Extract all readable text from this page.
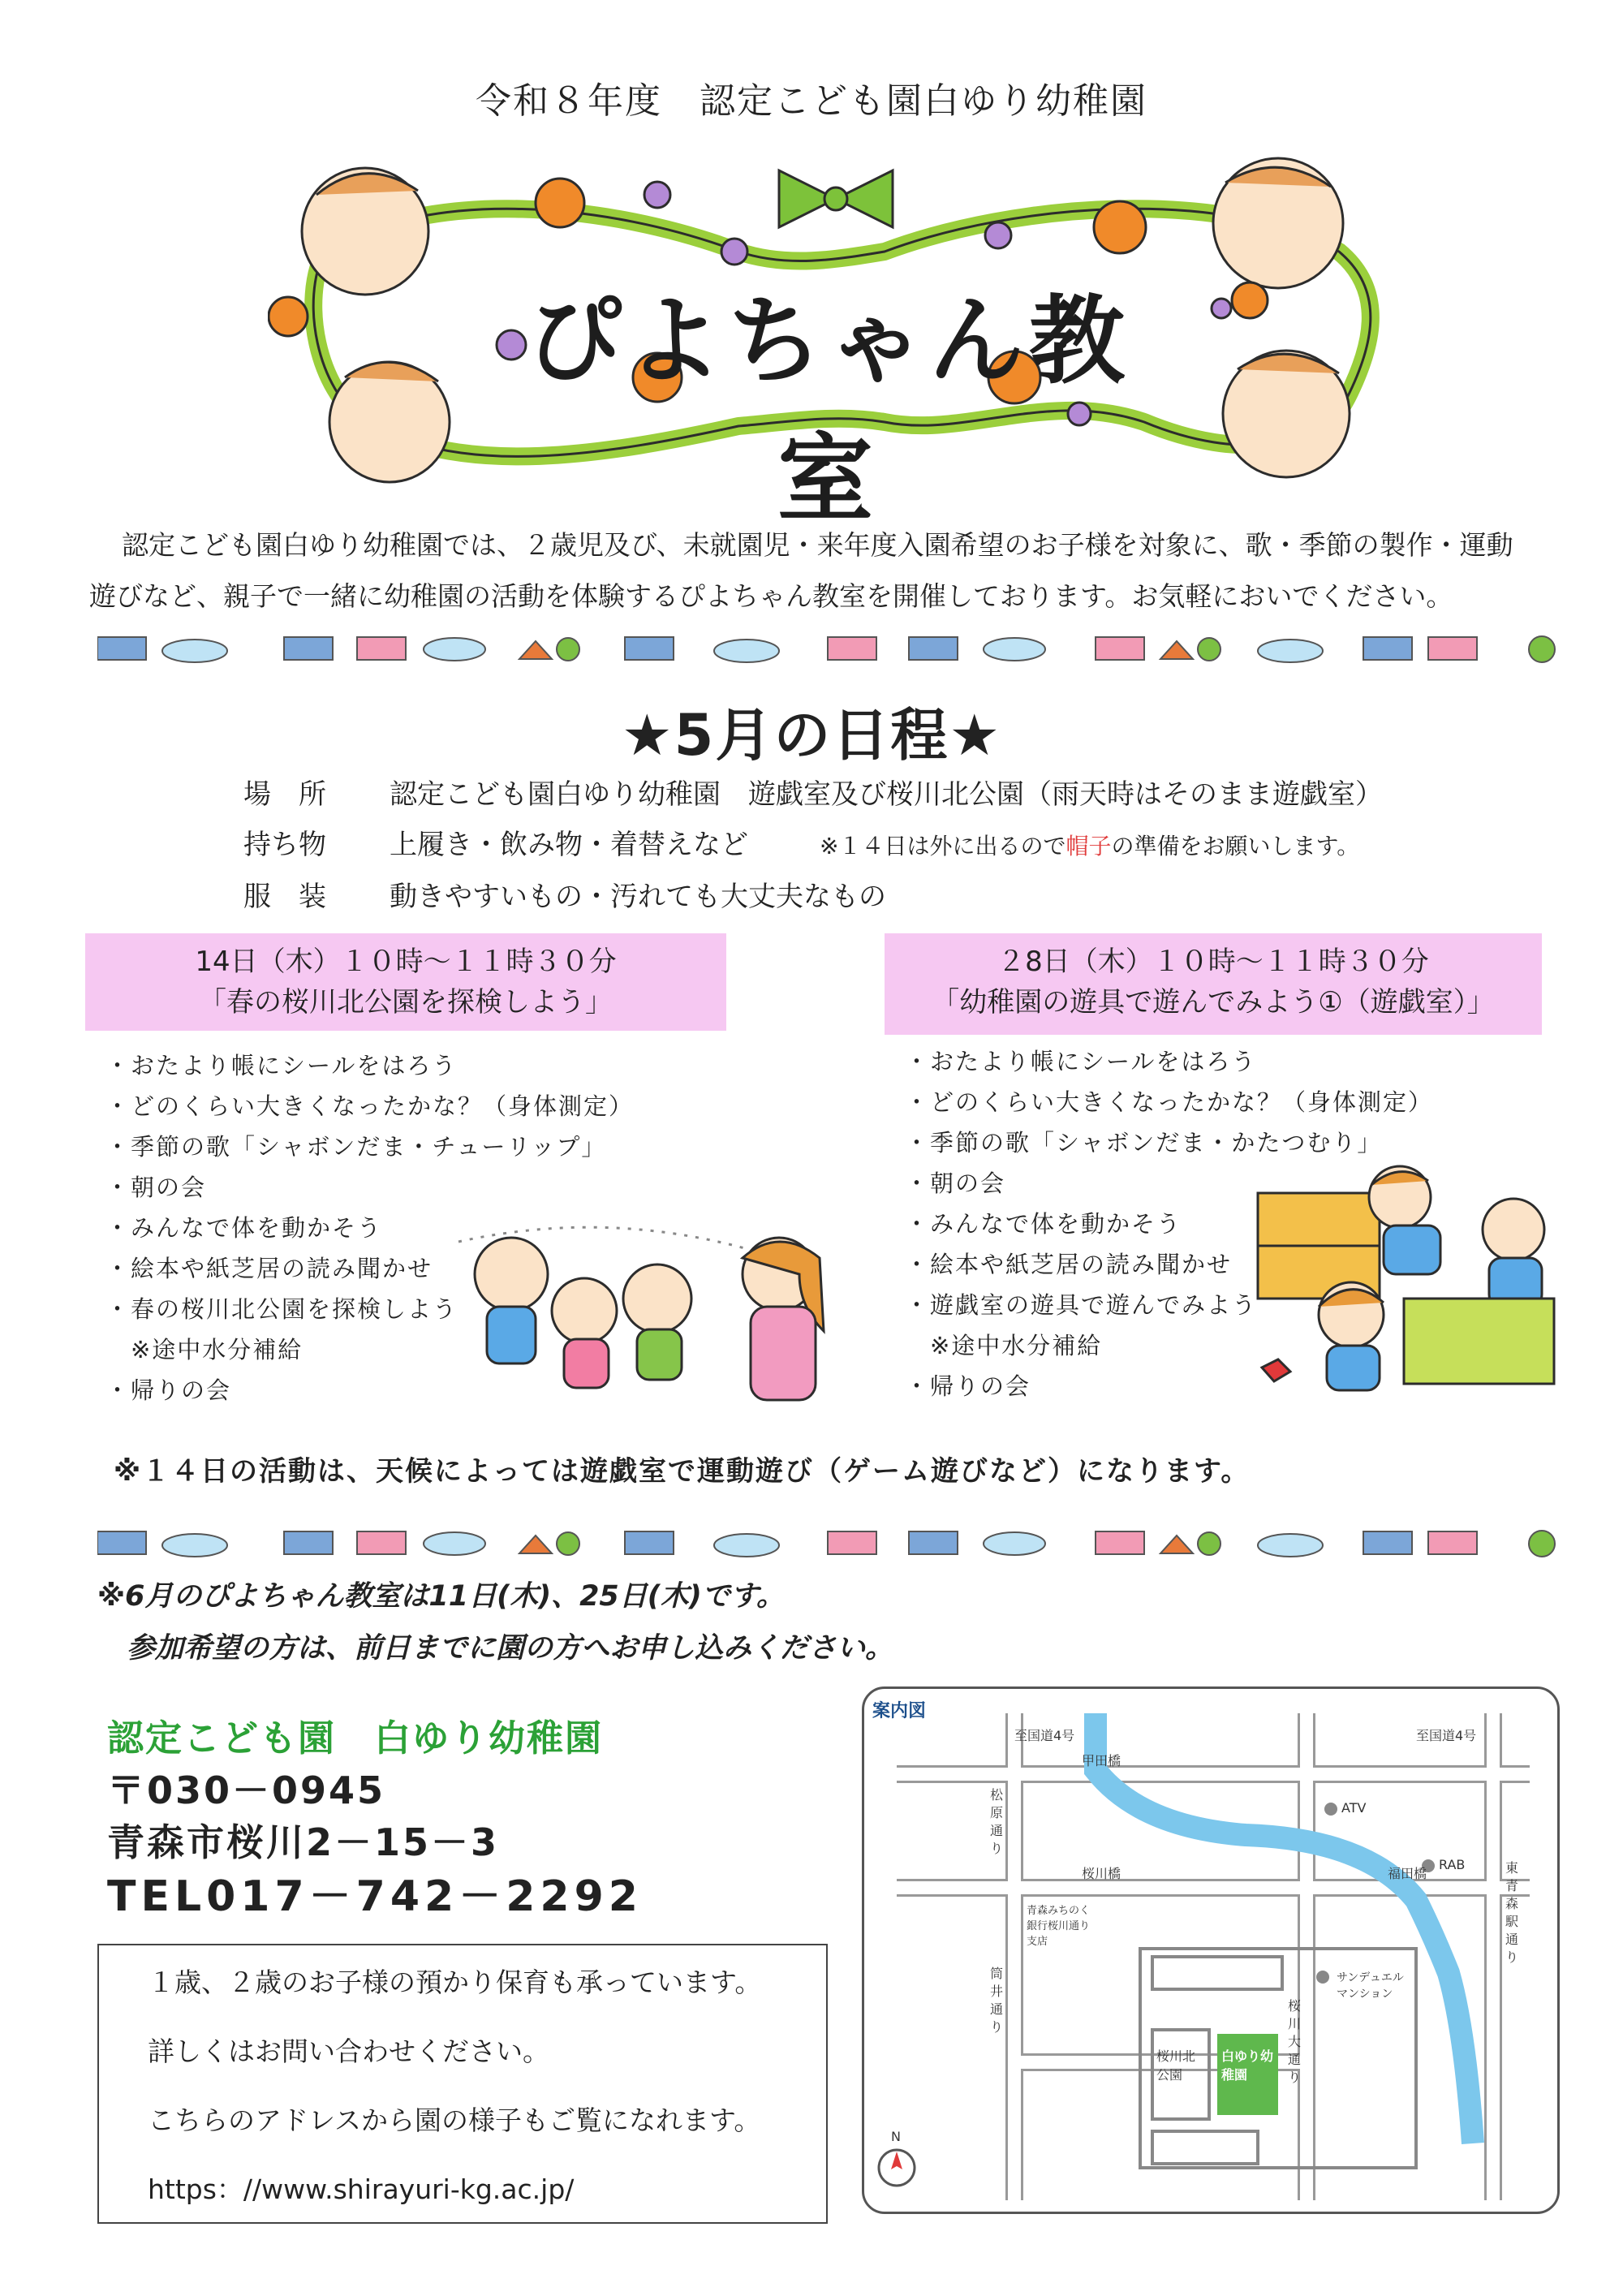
令和８年度　認定こども園白ゆり幼稚園
ぴよちゃん教室

認定こども園白ゆり幼稚園では、２歳児及び、未就園児・来年度入園希望のお子様を対象に、歌・季節の製作・運動

遊びなど、親子で一緒に幼稚園の活動を体験するぴよちゃん教室を開催しております。お気軽においでください。

★5月の日程★
場　所	認定こども園白ゆり幼稚園　遊戯室及び桜川北公園（雨天時はそのまま遊戯室）
持ち物	上履き・飲み物・着替えなど	※１４日は外に出るので帽子の準備をお願いします。
服　装	動きやすいもの・汚れても大丈夫なもの
14日（木）１０時～１１時３０分
「春の桜川北公園を探検しよう」
・おたより帳にシールをはろう
・どのくらい大きくなったかな？（身体測定）
・季節の歌「シャボンだま・チューリップ」
・朝の会
・みんなで体を動かそう
・絵本や紙芝居の読み聞かせ
・春の桜川北公園を探検しよう
　※途中水分補給
・帰りの会
２8日（木）１０時～１１時３０分
「幼稚園の遊具で遊んでみよう①（遊戯室）」
・おたより帳にシールをはろう
・どのくらい大きくなったかな？（身体測定）
・季節の歌「シャボンだま・かたつむり」
・朝の会
・みんなで体を動かそう
・絵本や紙芝居の読み聞かせ
・遊戯室の遊具で遊んでみよう
　※途中水分補給
・帰りの会
※１４日の活動は、天候によっては遊戯室で運動遊び（ゲーム遊びなど）になります。

※6月のぴよちゃん教室は11日(木)、25日(木)です。

参加希望の方は、前日までに園の方へお申し込みください。

認定こども園　白ゆり幼稚園
〒030－0945
青森市桜川2－15－3
TEL017－742－2292
１歳、２歳のお子様の預かり保育も承っています。
詳しくはお問い合わせください。
こちらのアドレスから園の様子もご覧になれます。
https：//www.shirayuri-kg.ac.jp/
案内図
至国道4号	至国道4号
甲田橋
桜川橋	福田橋
ATV
RAB
松原通り
筒井通り
東青森駅通り
桜川大通り
青森みちのく銀行桜川通り支店
サンデュエルマンション
桜川北公園
白ゆり幼稚園
N
